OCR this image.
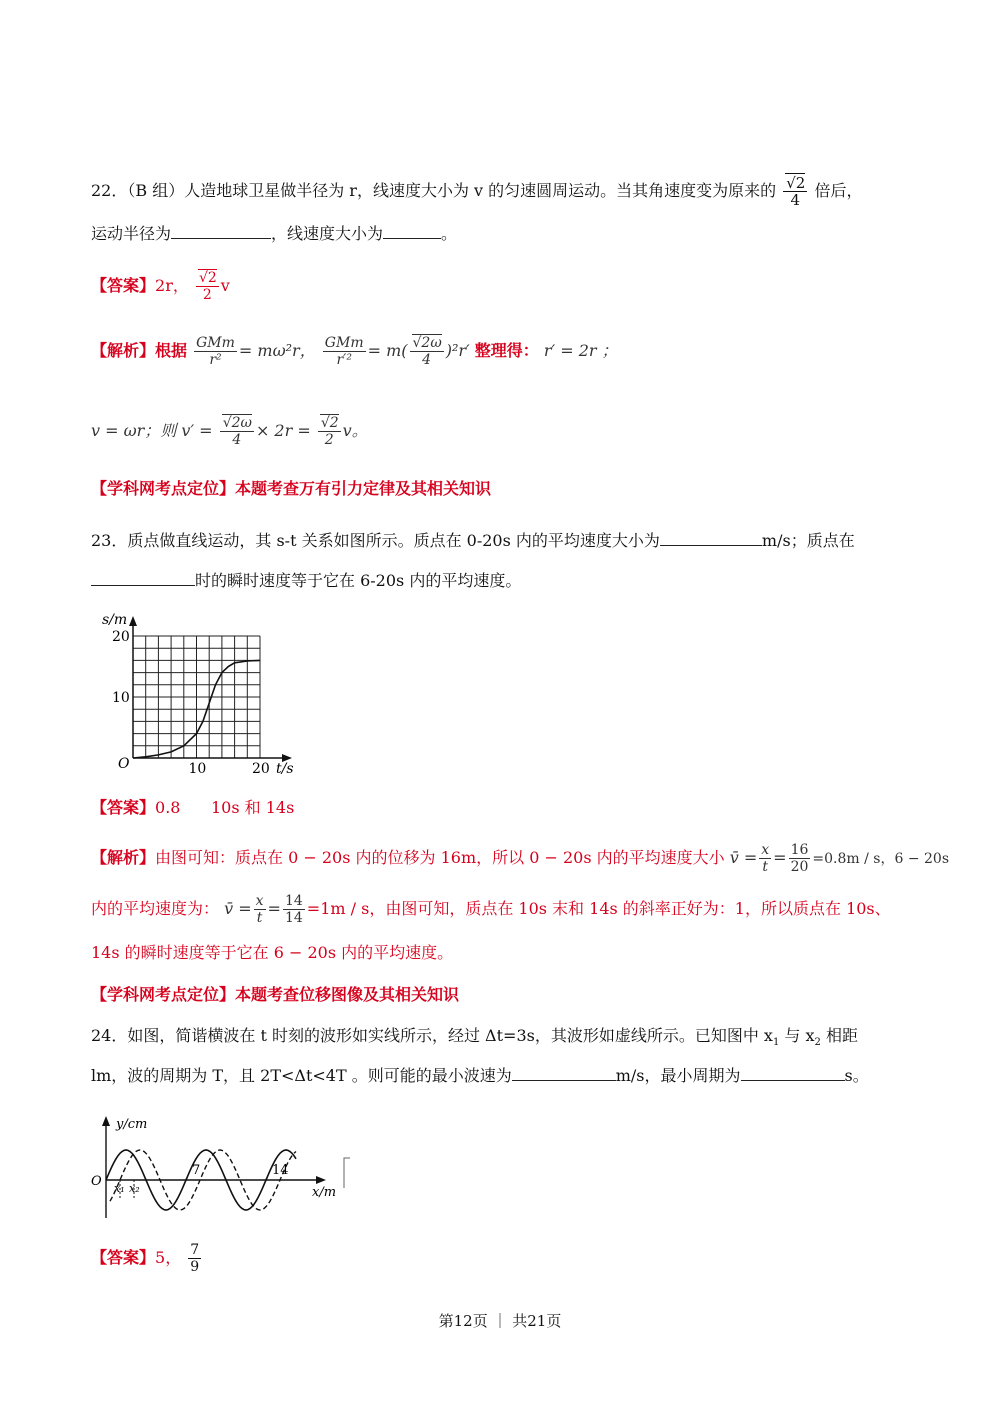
22．（B 组）人造地球卫星做半径为 r，线速度大小为 v 的匀速圆周运动。当其角速度变为原来的 $\frac{√2}{4}$ 倍后，
运动半径为	，线速度大小为	。
【答案】2r， $\frac{√2}{2}$ v
【解析】根据 $\frac{\text{GMm}}{\text{r²}} = m\omega^2r$， $\frac{\text{GMm}}{\text{r′²}} = m( \frac{√2\omega}{4} )^2r'$ 整理得： r′ = 2r ；
v = ωr；则 $v' = \frac{√2\omega}{4} \times 2r = \frac{√2}{2}$ v。
【学科网考点定位】本题考查万有引力定律及其相关知识
23．质点做直线运动，其 s-t 关系如图所示。质点在 0-20s 内的平均速度大小为	m/s；质点在
时的瞬时速度等于它在 6-20s 内的平均速度。
s/m
10
20
O	10	20 t/s
【答案】0.8      10s 和 14s
【解析】由图可知：质点在 0 − 20s 内的位移为 16m，所以 0 − 20s 内的平均速度大小 v̄ = $\frac{x}{t} = \frac{16}{20} =0.8m / s$，6 − 20s
内的平均速度为： v̄ = $\frac{x}{t} = \frac{14}{14} =1m / s$，由图可知，质点在 10s 末和 14s 的斜率正好为：1，所以质点在 10s、
14s 的瞬时速度等于它在 6 − 20s 内的平均速度。
【学科网考点定位】本题考查位移图像及其相关知识
24．如图，简谐横波在 t 时刻的波形如实线所示，经过 Δt=3s，其波形如虚线所示。已知图中 $x_1$ 与 $x_2$ 相距
lm，波的周期为 T，且 2T<Δt<4T 。则可能的最小波速为	m/s，最小周期为	s。
y/cm
O
7	14
x₁ x₂	x/m
【答案】5， $\frac{7}{9}$
第12页 ｜ 共21页
